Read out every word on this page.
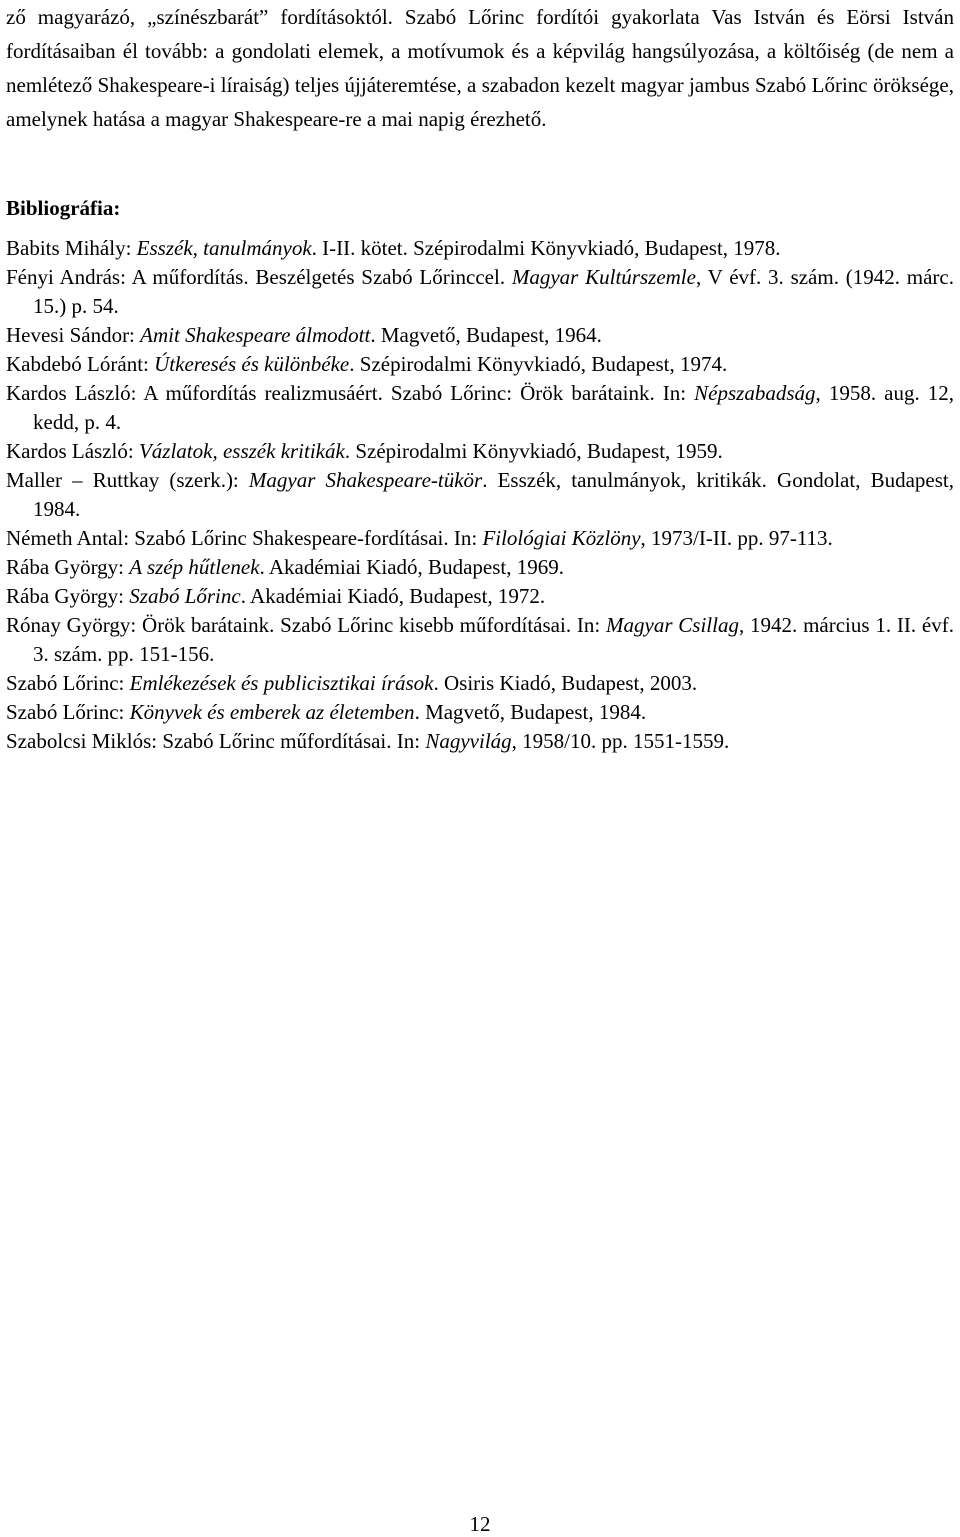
ző magyarázó, „színészbarát” fordításoktól. Szabó Lőrinc fordítói gyakorlata Vas István és Eörsi István fordításaiban él tovább: a gondolati elemek, a motívumok és a képvilág hangsúlyozása, a költőiség (de nem a nemlétező Shakespeare-i líraiság) teljes újjáteremtése, a szabadon kezelt magyar jambus Szabó Lőrinc öröksége, amelynek hatása a magyar Shakespeare-re a mai napig érezhető.

Bibliográfia:
Babits Mihály: Esszék, tanulmányok. I-II. kötet. Szépirodalmi Könyvkiadó, Budapest, 1978.
Fényi András: A műfordítás. Beszélgetés Szabó Lőrinccel. Magyar Kultúrszemle, V évf. 3. szám. (1942. márc. 15.) p. 54.
Hevesi Sándor: Amit Shakespeare álmodott. Magvető, Budapest, 1964.
Kabdebó Lóránt: Útkeresés és különbéke. Szépirodalmi Könyvkiadó, Budapest, 1974.
Kardos László: A műfordítás realizmusáért. Szabó Lőrinc: Örök barátaink. In: Népszabadság, 1958. aug. 12, kedd, p. 4.
Kardos László: Vázlatok, esszék kritikák. Szépirodalmi Könyvkiadó, Budapest, 1959.
Maller – Ruttkay (szerk.): Magyar Shakespeare-tükör. Esszék, tanulmányok, kritikák. Gondolat, Budapest, 1984.
Németh Antal: Szabó Lőrinc Shakespeare-fordításai. In: Filológiai Közlöny, 1973/I-II. pp. 97-113.
Rába György: A szép hűtlenek. Akadémiai Kiadó, Budapest, 1969.
Rába György: Szabó Lőrinc. Akadémiai Kiadó, Budapest, 1972.
Rónay György: Örök barátaink. Szabó Lőrinc kisebb műfordításai. In: Magyar Csillag, 1942. március 1. II. évf. 3. szám. pp. 151-156.
Szabó Lőrinc: Emlékezések és publicisztikai írások. Osiris Kiadó, Budapest, 2003.
Szabó Lőrinc: Könyvek és emberek az életemben. Magvető, Budapest, 1984.
Szabolcsi Miklós: Szabó Lőrinc műfordításai. In: Nagyvilág, 1958/10. pp. 1551-1559.
12
